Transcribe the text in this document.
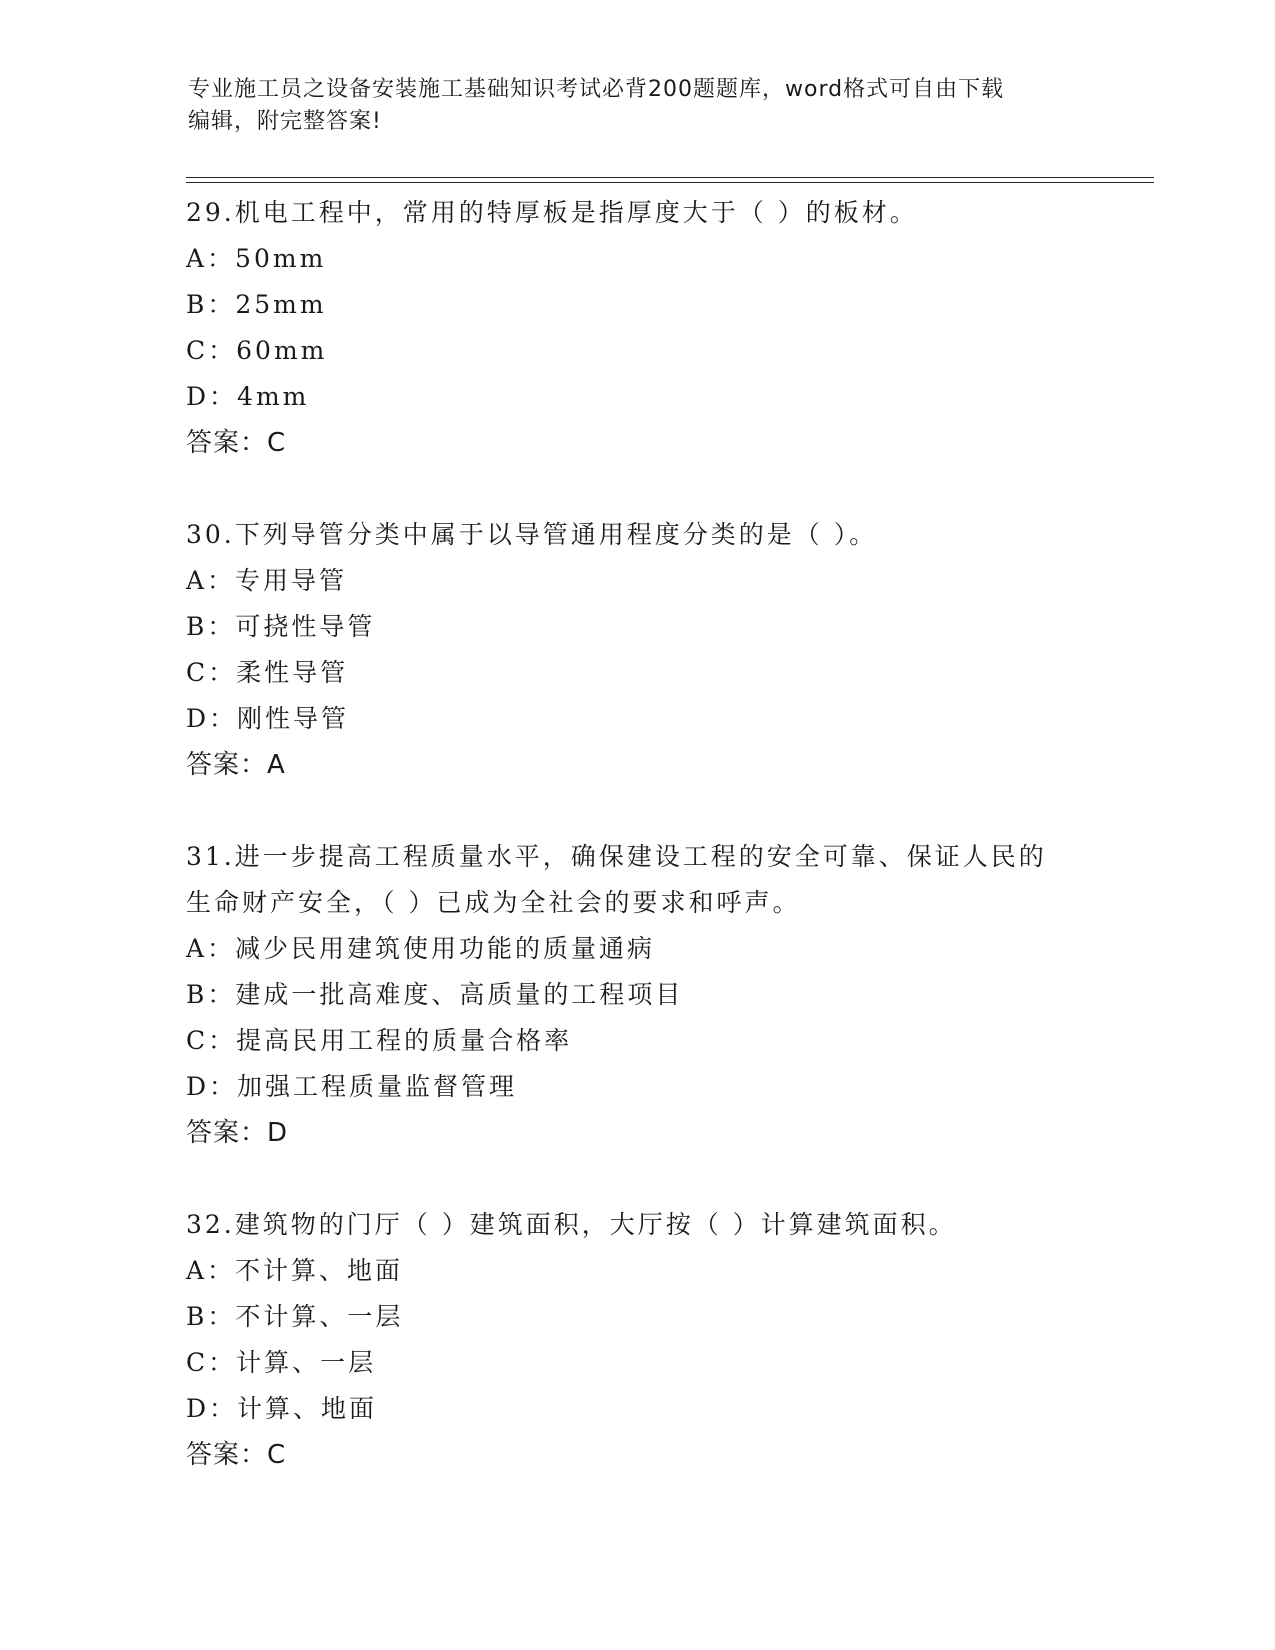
专业施工员之设备安装施工基础知识考试必背200题题库，word格式可自由下载
编辑，附完整答案!
29.机电工程中，常用的特厚板是指厚度大于（ ）的板材。
A：50mm
B：25mm
C：60mm
D：4mm
答案：C
30.下列导管分类中属于以导管通用程度分类的是（ ）。
A：专用导管
B：可挠性导管
C：柔性导管
D：刚性导管
答案：A
31.进一步提高工程质量水平，确保建设工程的安全可靠、保证人民的
生命财产安全，（ ）已成为全社会的要求和呼声。
A：减少民用建筑使用功能的质量通病
B：建成一批高难度、高质量的工程项目
C：提高民用工程的质量合格率
D：加强工程质量监督管理
答案：D
32.建筑物的门厅（ ）建筑面积，大厅按（ ）计算建筑面积。
A：不计算、地面
B：不计算、一层
C：计算、一层
D：计算、地面
答案：C
